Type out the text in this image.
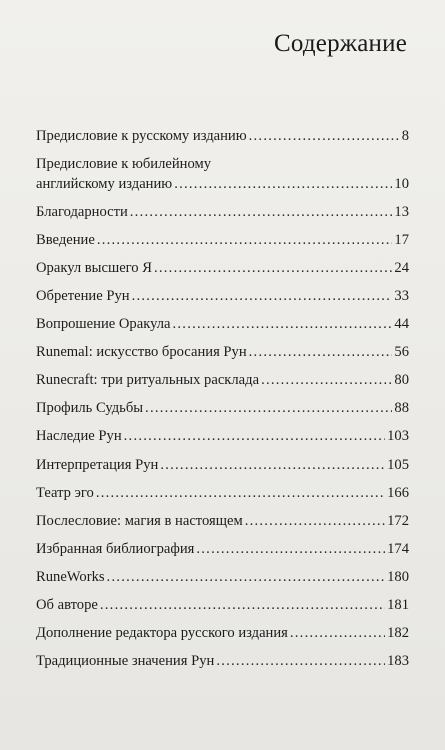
Содержание
Предисловие к русскому изданию . . .	8
Предисловие к юбилейному
английскому изданию . . .	10
Благодарности . . .	13
Введение . . .	17
Оракул высшего Я . . .	24
Обретение Рун . . .	33
Вопрошение Оракула . . .	44
Runemal: искусство бросания Рун . . .	56
Runecraft: три ритуальных расклада . . .	80
Профиль Судьбы . . .	88
Наследие Рун . . .	103
Интерпретация Рун . . .	105
Театр эго . . .	166
Послесловие: магия в настоящем . . .	172
Избранная библиография . . .	174
RuneWorks . . .	180
Об авторе . . .	181
Дополнение редактора русского издания . . .	182
Традиционные значения Рун . . .	183
